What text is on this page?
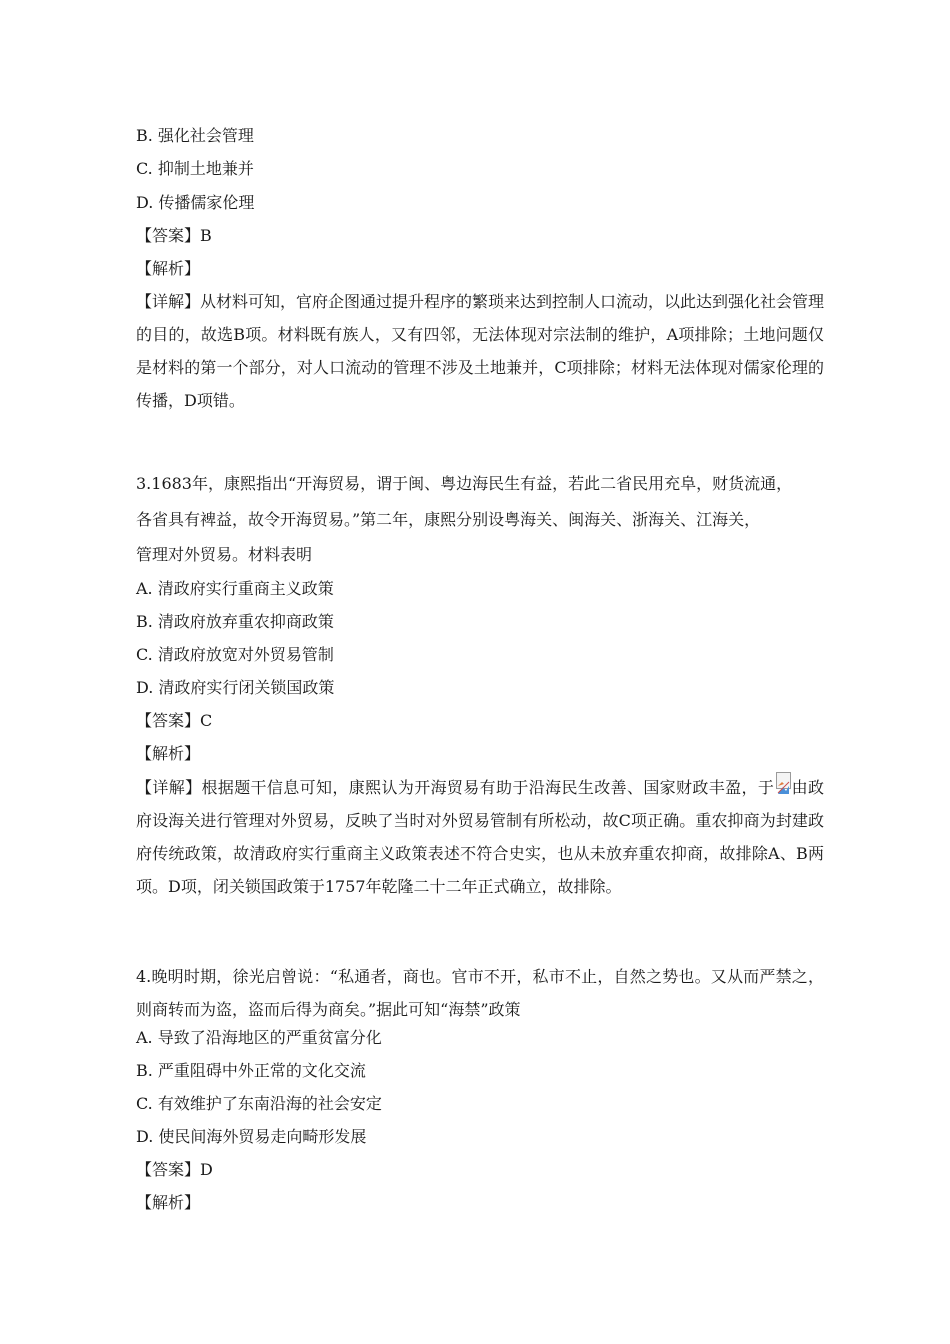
B. 强化社会管理
C. 抑制土地兼并
D. 传播儒家伦理
【答案】B
【解析】
【详解】从材料可知，官府企图通过提升程序的繁琐来达到控制人口流动，以此达到强化社会管理的目的，故选B项。材料既有族人，又有四邻，无法体现对宗法制的维护，A项排除；土地问题仅是材料的第一个部分，对人口流动的管理不涉及土地兼并，C项排除；材料无法体现对儒家伦理的传播，D项错。
3.1683年，康熙指出“开海贸易，谓于闽、粤边海民生有益，若此二省民用充阜，财货流通，
各省具有裨益，故令开海贸易。”第二年，康熙分别设粤海关、闽海关、浙海关、江海关，
管理对外贸易。材料表明
A. 清政府实行重商主义政策
B. 清政府放弃重农抑商政策
C. 清政府放宽对外贸易管制
D. 清政府实行闭关锁国政策
【答案】C
【解析】
【详解】根据题干信息可知，康熙认为开海贸易有助于沿海民生改善、国家财政丰盈，于 由政府设海关进行管理对外贸易，反映了当时对外贸易管制有所松动，故C项正确。重农抑商为封建政府传统政策，故清政府实行重商主义政策表述不符合史实，也从未放弃重农抑商，故排除A、B两项。D项，闭关锁国政策于1757年乾隆二十二年正式确立，故排除。
4.晚明时期，徐光启曾说：“私通者，商也。官市不开，私市不止，自然之势也。又从而严禁之，则商转而为盗，盗而后得为商矣。”据此可知“海禁”政策
A. 导致了沿海地区的严重贫富分化
B. 严重阻碍中外正常的文化交流
C. 有效维护了东南沿海的社会安定
D. 使民间海外贸易走向畸形发展
【答案】D
【解析】
